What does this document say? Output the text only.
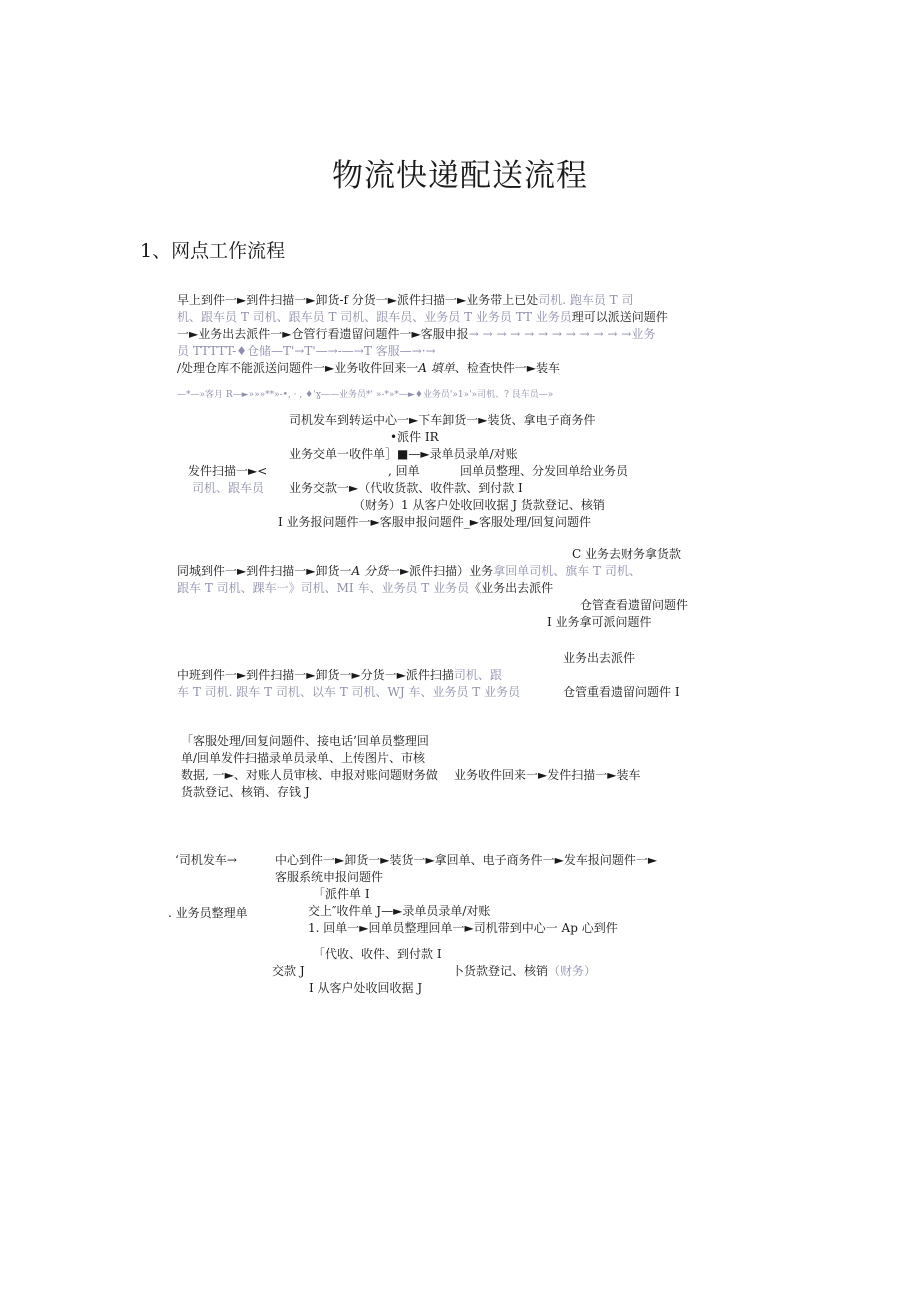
物流快递配送流程
1、网点工作流程
早上到件一►到件扫描一►卸货-f 分货一►派件扫描一►业务带上已处司机. 跑车员 T 司
机、跟车员 T 司机、跟车员 T 司机、跟车员、业务员 T 业务员 TT 业务员理可以派送问题件
一►业务出去派件一►仓管行看遗留问题件一►客服申报→ → → → → → → → → → → →业务
员 TTTTT-♦仓储—T'→T'—→-—→T 客服—→·→
/处理仓库不能派送问题件一►业务收件回来一A 填单、检查快件一►装车
—*—»客月 R—►»»»**»-•, · , ♦'ɣ——业务员*' »-*»*—►♦业务员'»1»'»司机、? 艮车员—»
司机发车到转运中心一►下车卸货一►装货、拿电子商务件
•派件 IR
业务交单一收件单］■—►录单员录单/对账
发件扫描一►<	, 回单	回单员整理、分发回单给业务员
司机、跟车员 业务交款一►（代收货款、收件款、到付款 I
（财务）1 从客户处收回收据 J 货款登记、核销
I 业务报问题件一►客服申报问题件_►客服处理/回复问题件
C 业务去财务拿货款
同城到件一►到件扫描一►卸货一A 分货一►派件扫描）业务拿回单司机、旗车 T 司机、
跟车 T 司机、踝车一》司机、MI 车、业务员 T 业务员《业务出去派件
仓管查看遗留问题件
I 业务拿可派问题件
业务出去派件
中班到件一►到件扫描一►卸货一►分货一►派件扫描司机、跟
车 T 司机. 跟车 T 司机、以车 T 司机、WJ 车、业务员 T 业务员	仓管重看遗留问题件 I
「客服处理/回复问题件、接电话’回单员整理回
单/回单发件扫描录单员录单、上传图片、市核
数据, 一►、对账人员审核、申报对账问题财务做 业务收件回来一►发件扫描一►装车
货款登记、核销、存钱 J
‘司机发车→	中心到件一►卸货一►装货一►拿回单、电子商务件一►发车报问题件一►
客服系统申报问题件
「派件单 I
. 业务员整理单	交上″收件单 J—►录单员录单/对账
1. 回单一►回单员整理回单一►司机带到中心一 Ap 心到件
「代收、收件、到付款 I
交款 J	卜货款登记、核销（财务）
I 从客户处收回收据 J
